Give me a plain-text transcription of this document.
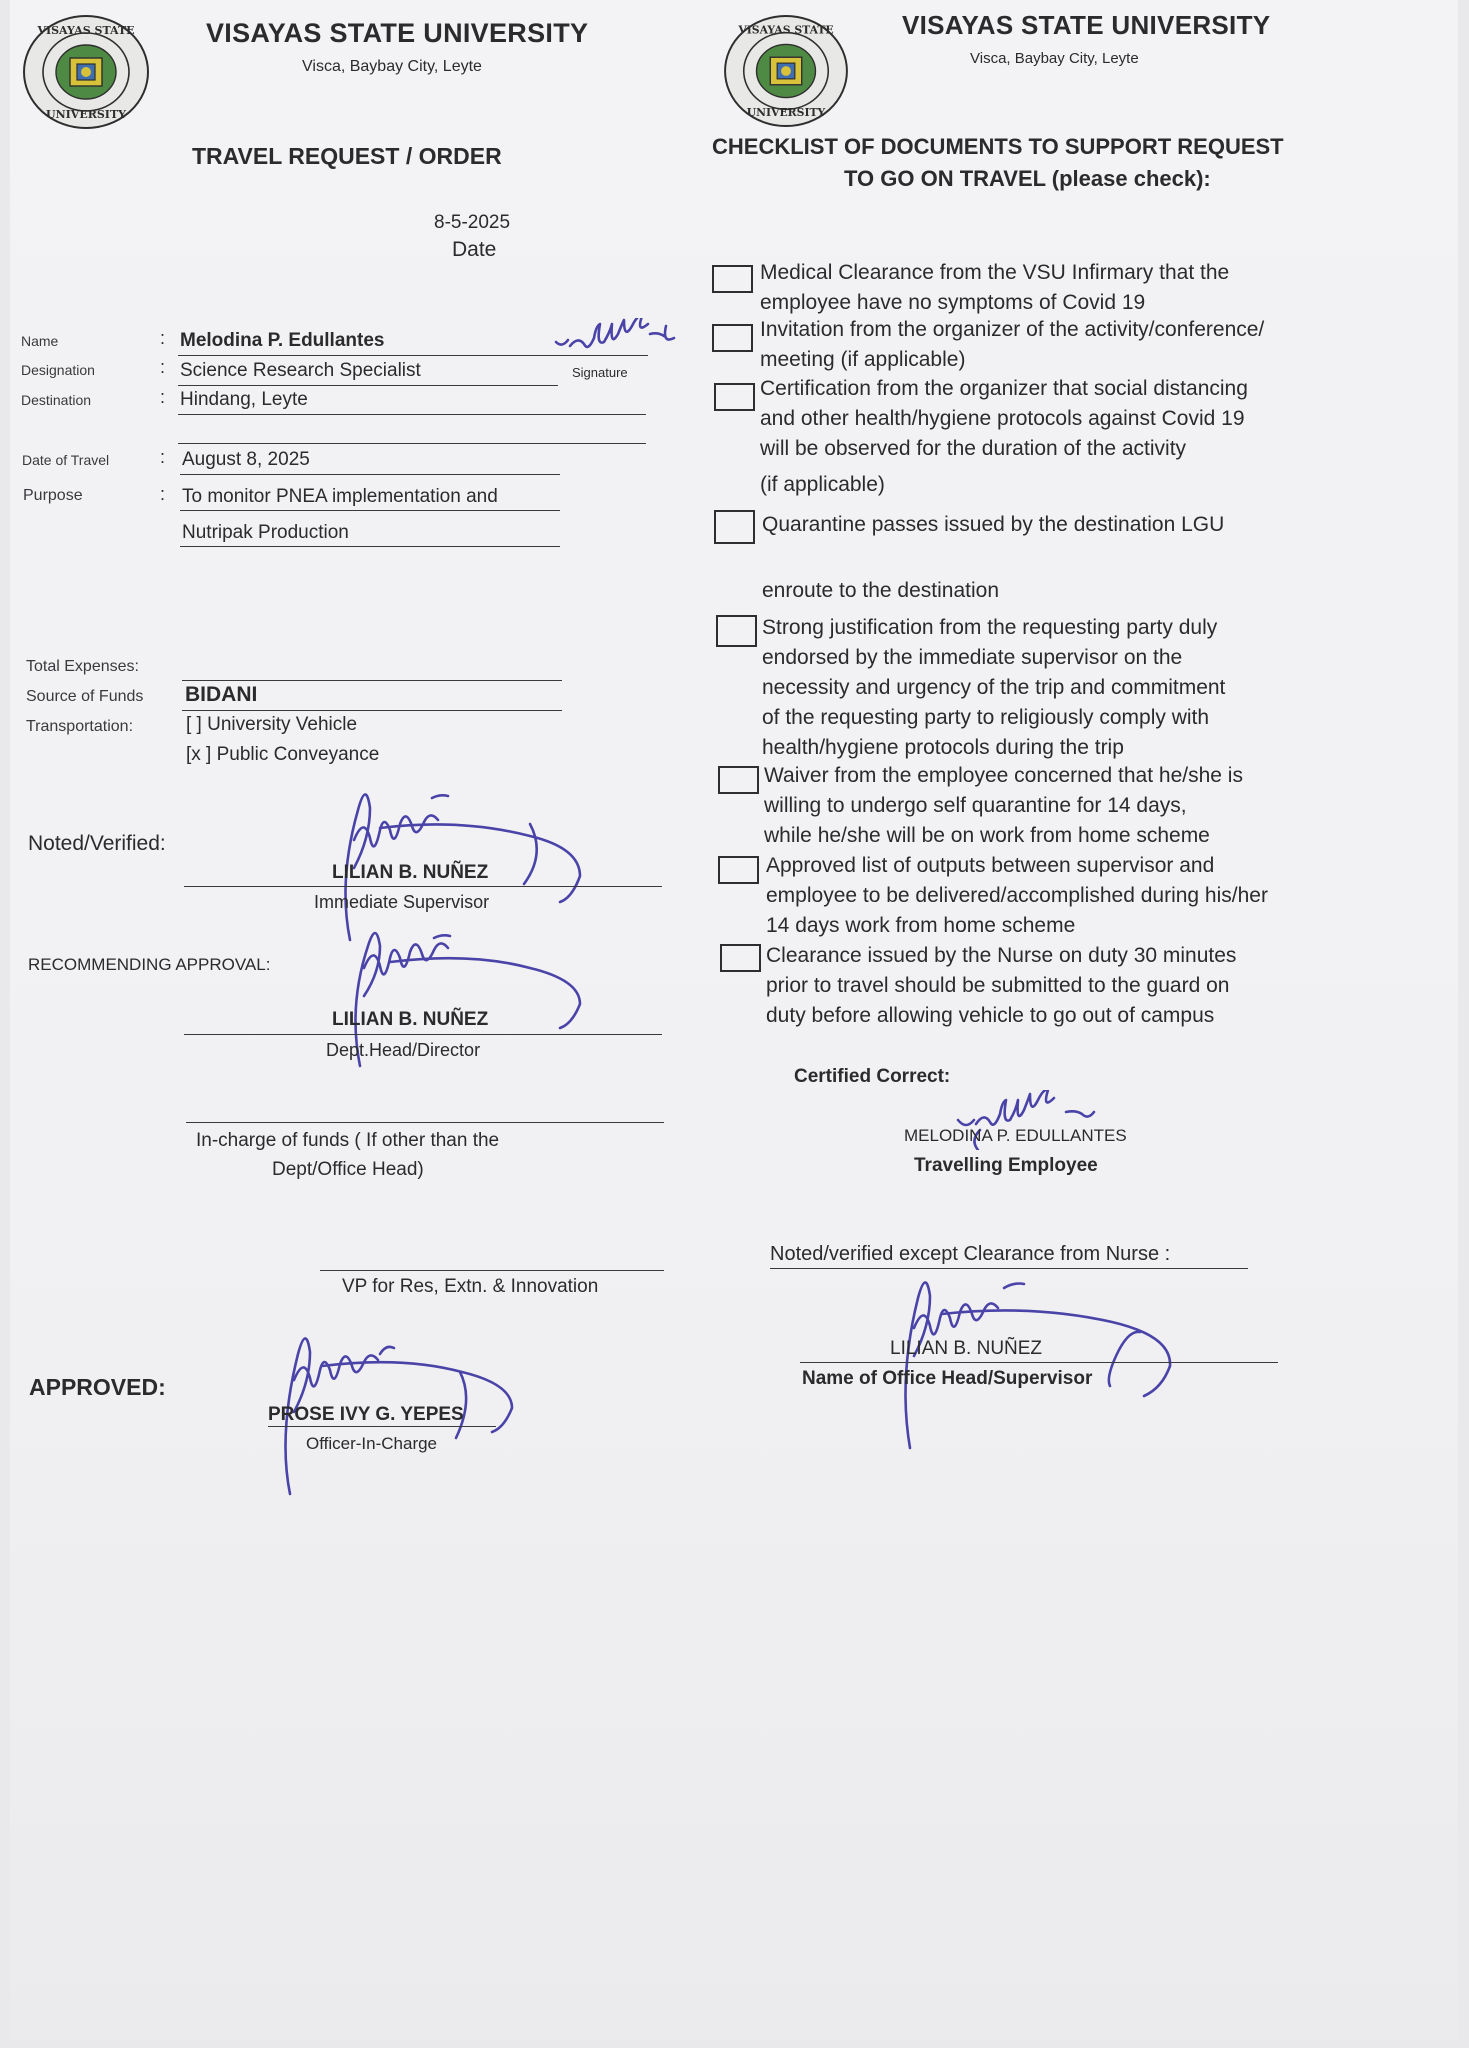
VISAYAS STATE
UNIVERSITY
VISAYAS STATE UNIVERSITY
Visca, Baybay City, Leyte
TRAVEL REQUEST / ORDER
8-5-2025
Date
Name	: Melodina P. Edullantes
Signature
Designation	: Science Research Specialist
Destination	: Hindang, Leyte
Date of Travel	: August 8, 2025
Purpose	: To monitor PNEA implementation and
Nutripak Production
Total Expenses:
Source of Funds BIDANI
Transportation:	[ ] University Vehicle
[x ] Public Conveyance
Noted/Verified:
LILIAN B. NUÑEZ
Immediate Supervisor
RECOMMENDING APPROVAL:
LILIAN B. NUÑEZ
Dept.Head/Director
In-charge of funds ( If other than the
Dept/Office Head)
VP for Res, Extn. & Innovation
APPROVED:
PROSE IVY G. YEPES
Officer-In-Charge
VISAYAS STATE
UNIVERSITY
VISAYAS STATE UNIVERSITY
Visca, Baybay City, Leyte
CHECKLIST OF DOCUMENTS TO SUPPORT REQUEST
TO GO ON TRAVEL (please check):
Medical Clearance from the VSU Infirmary that the
employee have no symptoms of Covid 19
Invitation from the organizer of the activity/conference/
meeting (if applicable)
Certification from the organizer that social distancing
and other health/hygiene protocols against Covid 19
will be observed for the duration of the activity
(if applicable)
Quarantine passes issued by the destination LGU
enroute to the destination
Strong justification from the requesting party duly
endorsed by the immediate supervisor on the
necessity and urgency of the trip and commitment
of the requesting party to religiously comply with
health/hygiene protocols during the trip
Waiver from the employee concerned that he/she is
willing to undergo self quarantine for 14 days,
while he/she will be on work from home scheme
Approved list of outputs between supervisor and
employee to be delivered/accomplished during his/her
14 days work from home scheme
Clearance issued by the Nurse on duty 30 minutes
prior to travel should be submitted to the guard on
duty before allowing vehicle to go out of campus
Certified Correct:
MELODINA P. EDULLANTES
Travelling Employee
Noted/verified except Clearance from Nurse :
LILIAN B. NUÑEZ
Name of Office Head/Supervisor
